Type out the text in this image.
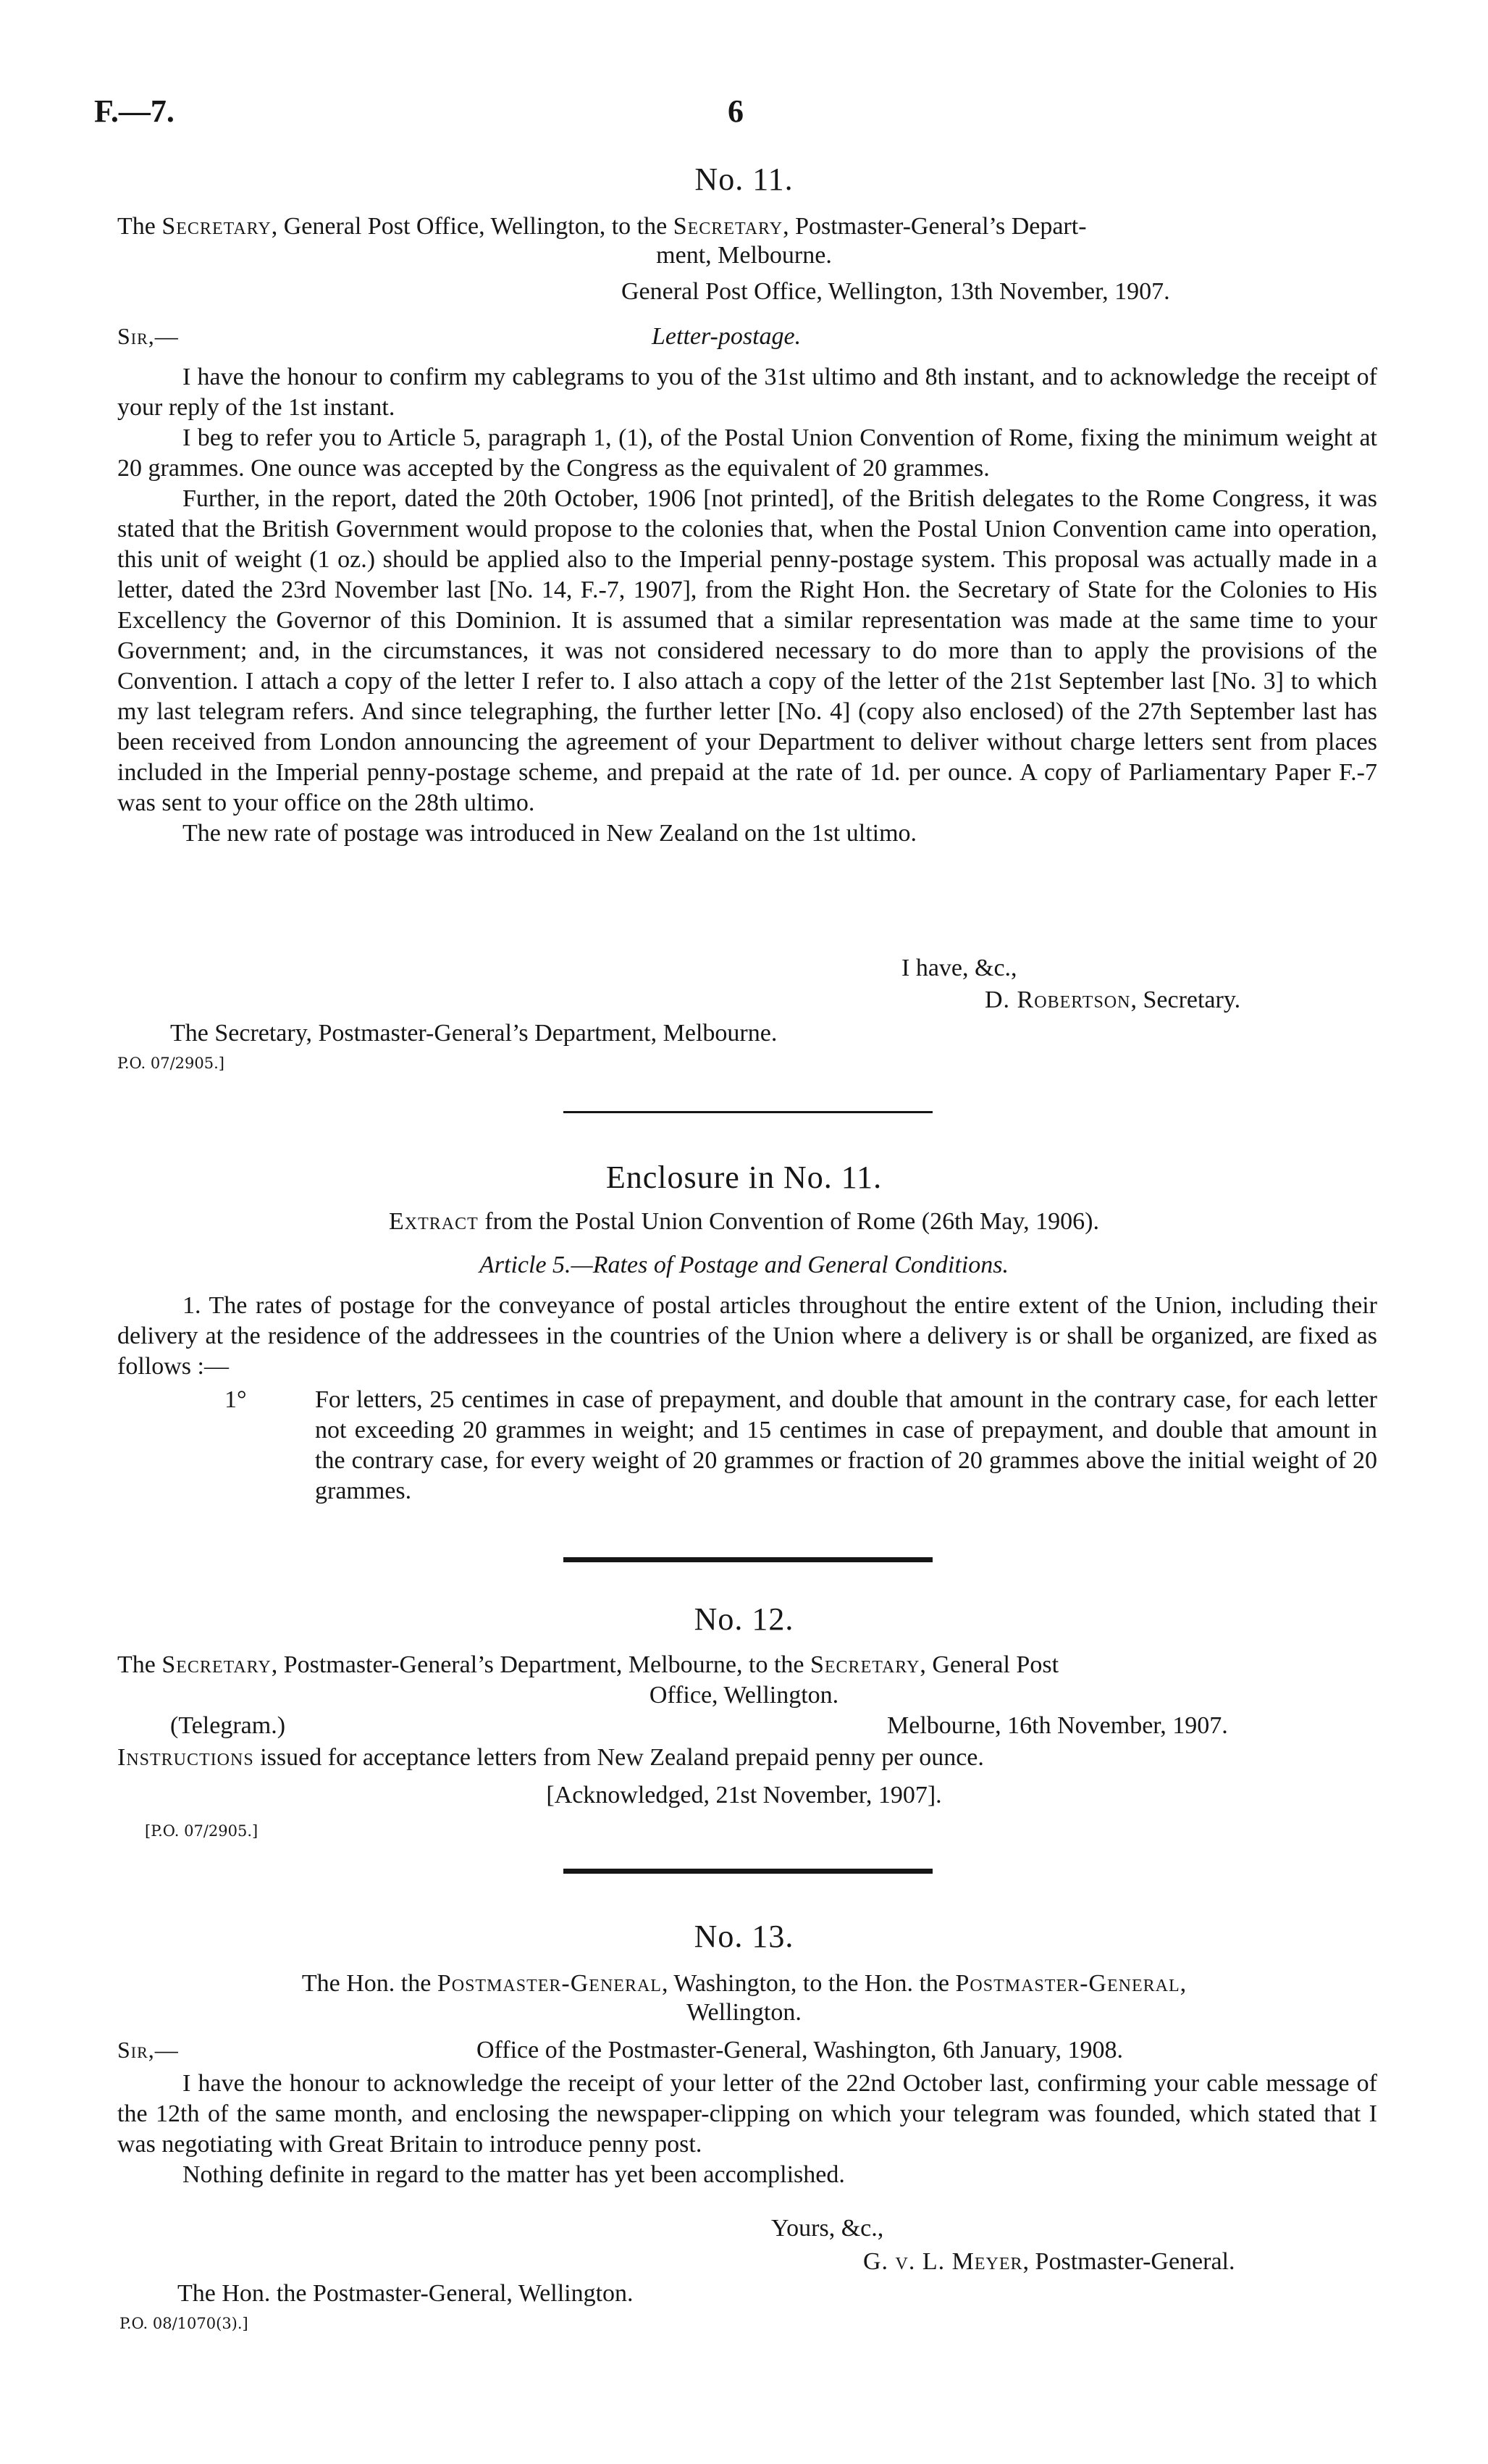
F.—7.	6
No. 11.
The Secretary, General Post Office, Wellington, to the Secretary, Postmaster-General’s Depart-
ment, Melbourne.
General Post Office, Wellington, 13th November, 1907.
Sir,—	Letter-postage.

I have the honour to confirm my cablegrams to you of the 31st ultimo and 8th instant, and to acknowledge the receipt of your reply of the 1st instant.

I beg to refer you to Article 5, paragraph 1, (1), of the Postal Union Convention of Rome, fixing the minimum weight at 20 grammes. One ounce was accepted by the Congress as the equivalent of 20 grammes.

Further, in the report, dated the 20th October, 1906 [not printed], of the British delegates to the Rome Congress, it was stated that the British Government would propose to the colonies that, when the Postal Union Convention came into operation, this unit of weight (1 oz.) should be applied also to the Imperial penny-postage system. This proposal was actually made in a letter, dated the 23rd November last [No. 14, F.-7, 1907], from the Right Hon. the Secretary of State for the Colonies to His Excellency the Governor of this Dominion. It is assumed that a similar representation was made at the same time to your Government; and, in the circumstances, it was not considered necessary to do more than to apply the provisions of the Convention. I attach a copy of the letter I refer to. I also attach a copy of the letter of the 21st September last [No. 3] to which my last telegram refers. And since telegraphing, the further letter [No. 4] (copy also enclosed) of the 27th September last has been received from London announcing the agreement of your Department to deliver without charge letters sent from places included in the Imperial penny-postage scheme, and prepaid at the rate of 1d. per ounce. A copy of Parliamentary Paper F.-7 was sent to your office on the 28th ultimo.

The new rate of postage was introduced in New Zealand on the 1st ultimo.

I have, &c.,
D. Robertson, Secretary.
The Secretary, Postmaster-General’s Department, Melbourne.
P.O. 07/2905.]
Enclosure in No. 11.
Extract from the Postal Union Convention of Rome (26th May, 1906).
Article 5.—Rates of Postage and General Conditions.

1. The rates of postage for the conveyance of postal articles throughout the entire extent of the Union, including their delivery at the residence of the addressees in the countries of the Union where a delivery is or shall be organized, are fixed as follows :—

1°	For letters, 25 centimes in case of prepayment, and double that amount in the contrary case, for each letter not exceeding 20 grammes in weight; and 15 centimes in case of prepayment, and double that amount in the contrary case, for every weight of 20 grammes or fraction of 20 grammes above the initial weight of 20 grammes.
No. 12.
The Secretary, Postmaster-General’s Department, Melbourne, to the Secretary, General Post
Office, Wellington.
(Telegram.)	Melbourne, 16th November, 1907.
Instructions issued for acceptance letters from New Zealand prepaid penny per ounce.
[Acknowledged, 21st November, 1907].
[P.O. 07/2905.]
No. 13.
The Hon. the Postmaster-General, Washington, to the Hon. the Postmaster-General,
Wellington.
Sir,—	Office of the Postmaster-General, Washington, 6th January, 1908.

I have the honour to acknowledge the receipt of your letter of the 22nd October last, confirming your cable message of the 12th of the same month, and enclosing the newspaper-clipping on which your telegram was founded, which stated that I was negotiating with Great Britain to introduce penny post.

Nothing definite in regard to the matter has yet been accomplished.

Yours, &c.,
G. v. L. Meyer, Postmaster-General.
The Hon. the Postmaster-General, Wellington.
P.O. 08/1070(3).]
